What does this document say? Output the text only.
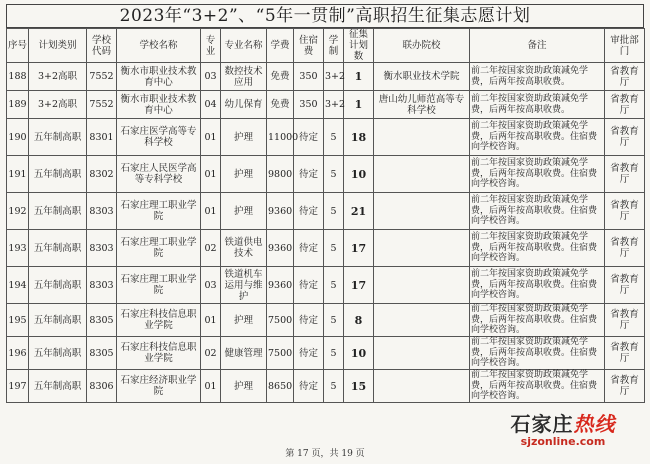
2023年“3+2”、“5年一贯制”高职招生征集志愿计划
序号	计划类别	学校代码	学校名称	专业	专业名称	学费	住宿费	学制	征集计划数	联办院校	备注	审批部门
188	3+2高职	7552	衡水市职业技术教育中心	03	数控技术应用	免费	350	3+2	1	衡水职业技术学院	前二年按国家资助政策减免学费，后两年按高职收费。	省教育厅
189	3+2高职	7552	衡水市职业技术教育中心	04	幼儿保育	免费	350	3+2	1	唐山幼儿师范高等专科学校	前二年按国家资助政策减免学费，后两年按高职收费。	省教育厅
190	五年制高职	8301	石家庄医学高等专科学校	01	护理	11000	待定	5	18		前二年按国家资助政策减免学费，后两年按高职收费。住宿费向学校咨询。	省教育厅
191	五年制高职	8302	石家庄人民医学高等专科学校	01	护理	9800	待定	5	10		前二年按国家资助政策减免学费，后两年按高职收费。住宿费向学校咨询。	省教育厅
192	五年制高职	8303	石家庄理工职业学院	01	护理	9360	待定	5	21		前二年按国家资助政策减免学费，后两年按高职收费。住宿费向学校咨询。	省教育厅
193	五年制高职	8303	石家庄理工职业学院	02	铁道供电技术	9360	待定	5	17		前二年按国家资助政策减免学费，后两年按高职收费。住宿费向学校咨询。	省教育厅
194	五年制高职	8303	石家庄理工职业学院	03	铁道机车运用与维护	9360	待定	5	17		前二年按国家资助政策减免学费，后两年按高职收费。住宿费向学校咨询。	省教育厅
195	五年制高职	8305	石家庄科技信息职业学院	01	护理	7500	待定	5	8		前二年按国家资助政策减免学费，后两年按高职收费。住宿费向学校咨询。	省教育厅
196	五年制高职	8305	石家庄科技信息职业学院	02	健康管理	7500	待定	5	10		前二年按国家资助政策减免学费，后两年按高职收费。住宿费向学校咨询。	省教育厅
197	五年制高职	8306	石家庄经济职业学院	01	护理	8650	待定	5	15		前二年按国家资助政策减免学费，后两年按高职收费。住宿费向学校咨询。	省教育厅
第 17 页，共 19 页
石家庄热线
sjzonline.com
